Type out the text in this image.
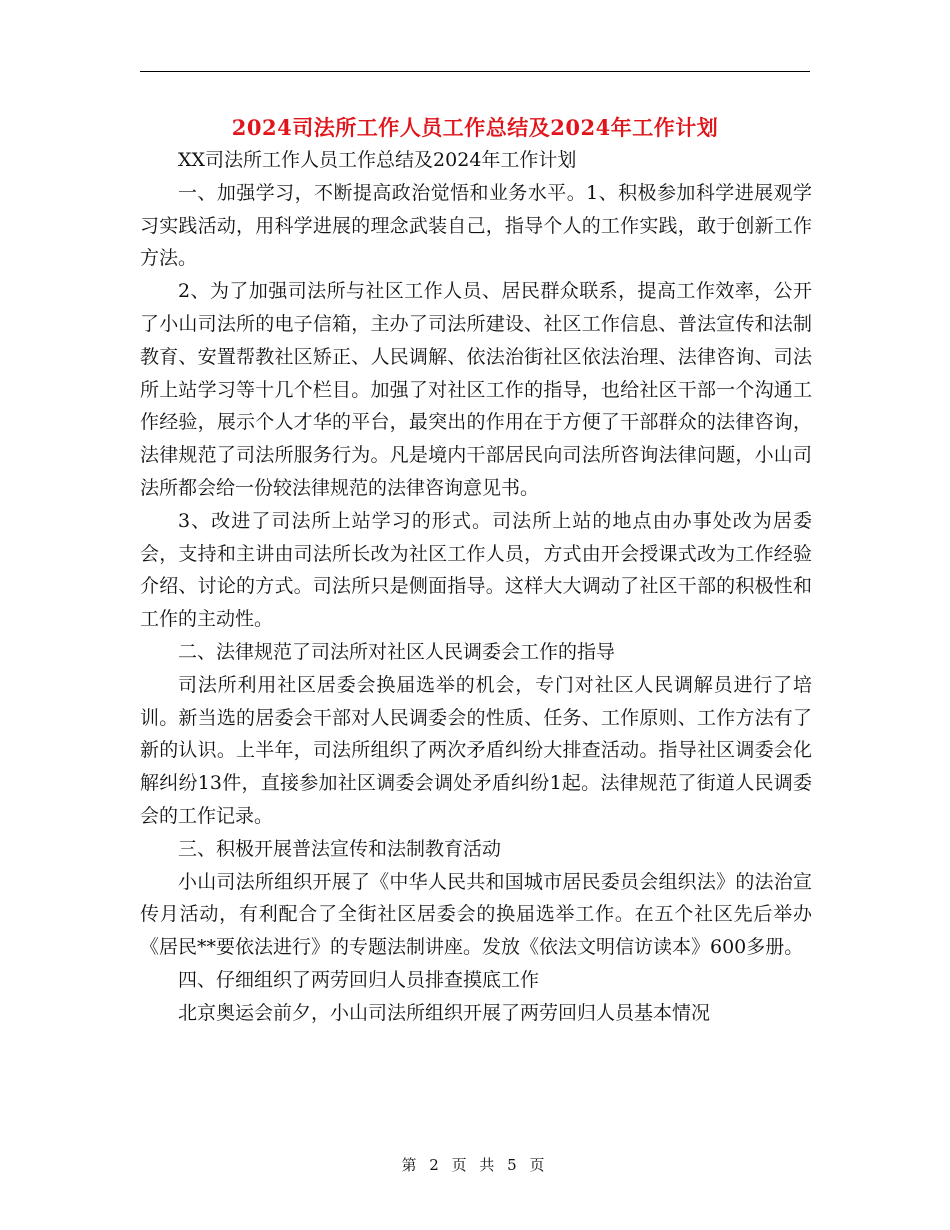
2024司法所工作人员工作总结及2024年工作计划

XX司法所工作人员工作总结及2024年工作计划

一、加强学习，不断提高政治觉悟和业务水平。1、积极参加科学进展观学习实践活动，用科学进展的理念武装自己，指导个人的工作实践，敢于创新工作方法。

2、为了加强司法所与社区工作人员、居民群众联系，提高工作效率，公开了小山司法所的电子信箱，主办了司法所建设、社区工作信息、普法宣传和法制教育、安置帮教社区矫正、人民调解、依法治街社区依法治理、法律咨询、司法所上站学习等十几个栏目。加强了对社区工作的指导，也给社区干部一个沟通工作经验，展示个人才华的平台，最突出的作用在于方便了干部群众的法律咨询，法律规范了司法所服务行为。凡是境内干部居民向司法所咨询法律问题，小山司法所都会给一份较法律规范的法律咨询意见书。

3、改进了司法所上站学习的形式。司法所上站的地点由办事处改为居委会，支持和主讲由司法所长改为社区工作人员，方式由开会授课式改为工作经验介绍、讨论的方式。司法所只是侧面指导。这样大大调动了社区干部的积极性和工作的主动性。

二、法律规范了司法所对社区人民调委会工作的指导

司法所利用社区居委会换届选举的机会，专门对社区人民调解员进行了培训。新当选的居委会干部对人民调委会的性质、任务、工作原则、工作方法有了新的认识。上半年，司法所组织了两次矛盾纠纷大排查活动。指导社区调委会化解纠纷13件，直接参加社区调委会调处矛盾纠纷1起。法律规范了街道人民调委会的工作记录。

三、积极开展普法宣传和法制教育活动

小山司法所组织开展了《中华人民共和国城市居民委员会组织法》的法治宣传月活动，有利配合了全街社区居委会的换届选举工作。在五个社区先后举办《居民**要依法进行》的专题法制讲座。发放《依法文明信访读本》600多册。

四、仔细组织了两劳回归人员排查摸底工作

北京奥运会前夕，小山司法所组织开展了两劳回归人员基本情况

第 2 页 共 5 页
